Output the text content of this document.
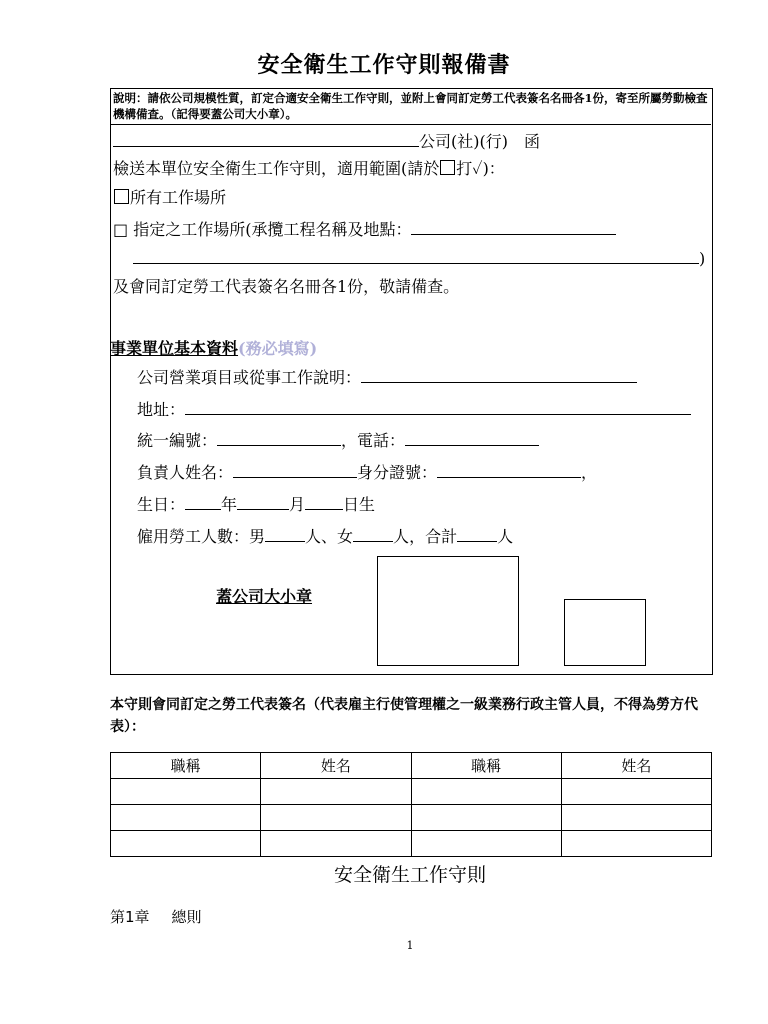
安全衛生工作守則報備書
說明：請依公司規模性質，訂定合適安全衛生工作守則，並附上會同訂定勞工代表簽名名冊各1份，寄至所屬勞動檢查機構備查。（記得要蓋公司大小章）。
公司(社)(行)　函
檢送本單位安全衛生工作守則，適用範圍(請於 打✓)：
所有工作場所
□ 指定之工作場所(承攬工程名稱及地點：
)
及會同訂定勞工代表簽名名冊各1份，敬請備查。
事業單位基本資料(務必填寫)
公司營業項目或從事工作說明：
地址：
統一編號：	，電話：
負責人姓名：	身分證號：	，
生日： 年	月 日生
僱用勞工人數：男	人、女	人，合計	人
蓋公司大小章
本守則會同訂定之勞工代表簽名（代表雇主行使管理權之一級業務行政主管人員，不得為勞方代表）：
職稱	姓名	職稱	姓名

安全衛生工作守則
第1章 總則
1
